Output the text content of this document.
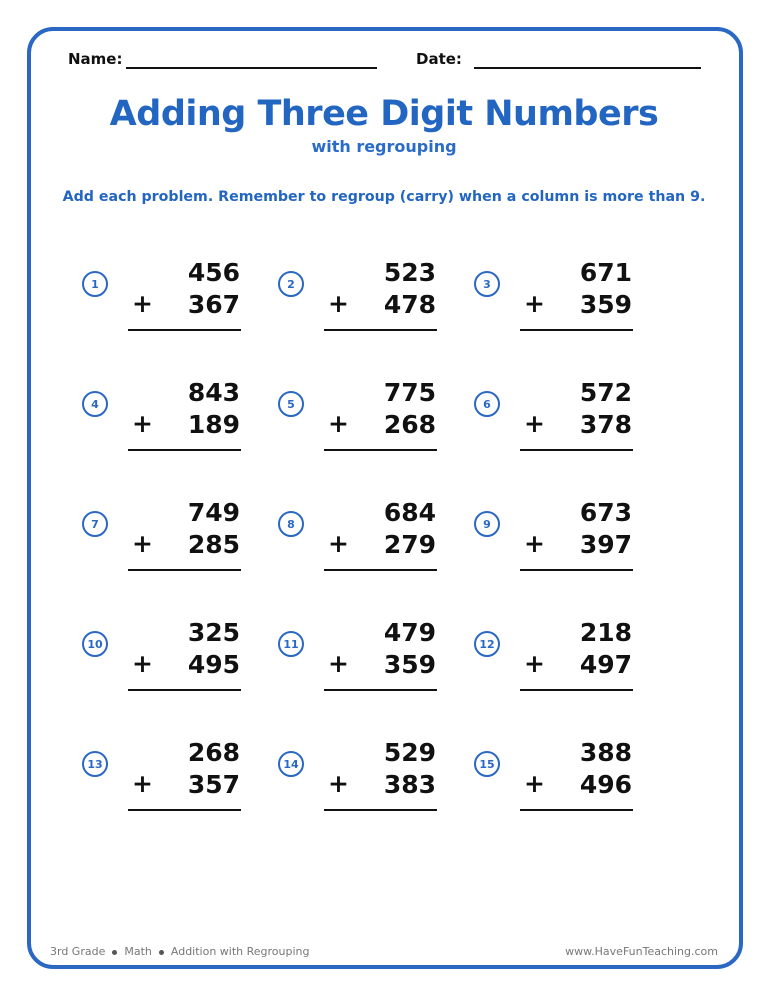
Name:	Date:
Adding Three Digit Numbers
with regrouping
Add each problem. Remember to regroup (carry) when a column is more than 9.
1	456
+ 367
2	523
+ 478
3	671
+ 359
4	843
+ 189
5	775
+ 268
6	572
+ 378
7	749
+ 285
8	684
+ 279
9	673
+ 397
10	325
+ 495
11	479
+ 359
12	218
+ 497
13	268
+ 357
14	529
+ 383
15	388
+ 496
3rd Grade Math Addition with Regrouping	www.HaveFunTeaching.com
